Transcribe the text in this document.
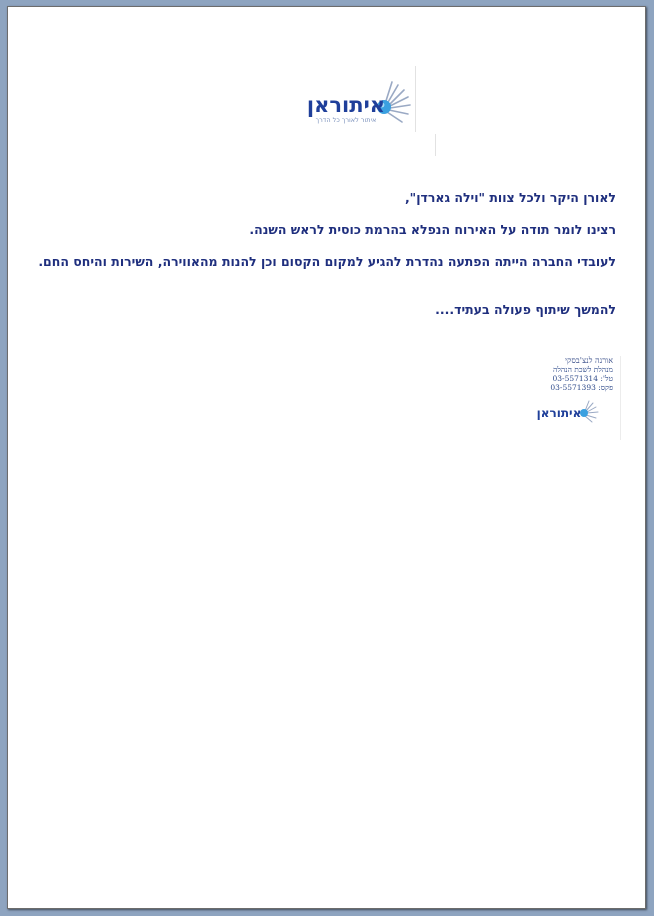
איתוראן
איתור לאורך כל הדרך

לאורן היקר ולכל צוות "וילה גארדן",

רצינו לומר תודה על האירוח הנפלא בהרמת כוסית לראש השנה.

לעובדי החברה הייתה הפתעה נהדרת להגיע למקום הקסום וכן להנות מהאווירה, השירות והיחס החם.

להמשך שיתוף פעולה בעתיד....

אורנה לנצ'בסקי
מנהלת לשכת הנהלה
טל': 03-5571314
פקס: 03-5571393
איתוראן
